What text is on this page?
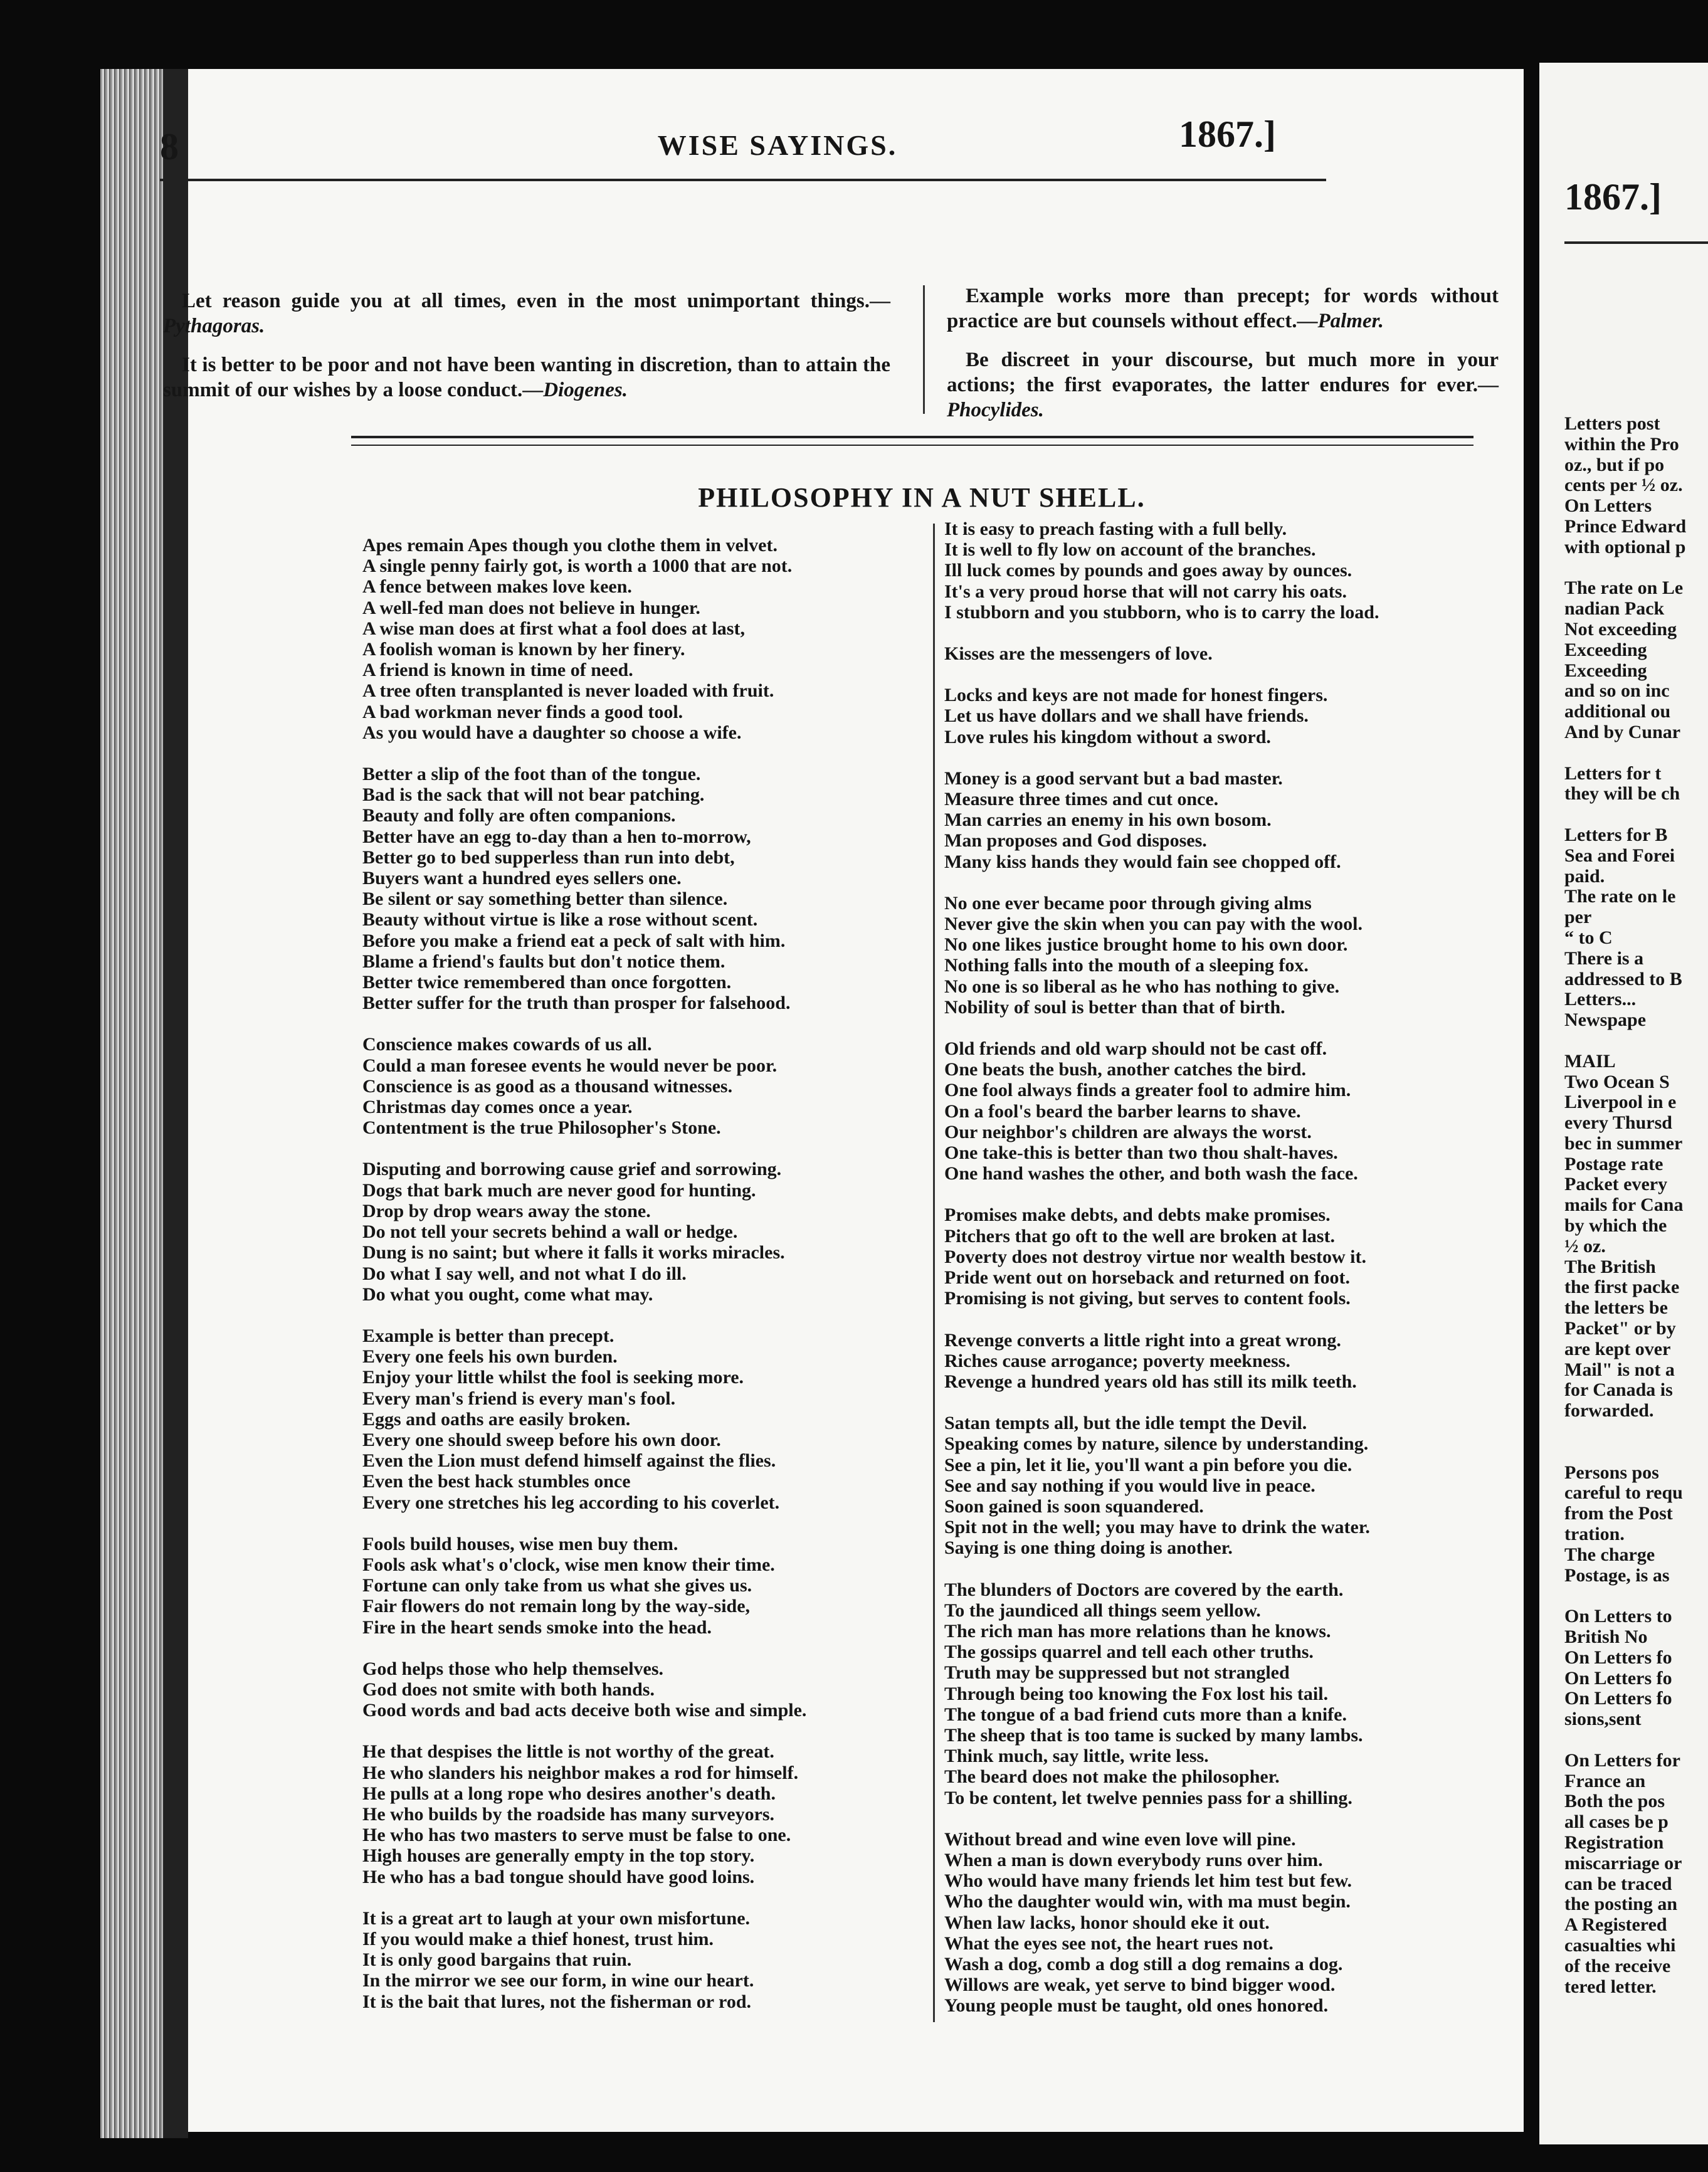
8	WISE SAYINGS.	1867.]

Let reason guide you at all times, even in the most unimportant things.—Pythagoras.

It is better to be poor and not have been wanting in discretion, than to attain the summit of our wishes by a loose conduct.—Diogenes.

Example works more than precept; for words without practice are but counsels without effect.—Palmer.

Be discreet in your discourse, but much more in your actions; the first evaporates, the latter endures for ever.—Phocylides.

PHILOSOPHY IN A NUT SHELL.
Apes remain Apes though you clothe them in velvet.
A single penny fairly got, is worth a 1000 that are not.
A fence between makes love keen.
A well-fed man does not believe in hunger.
A wise man does at first what a fool does at last,
A foolish woman is known by her finery.
A friend is known in time of need.
A tree often transplanted is never loaded with fruit.
A bad workman never finds a good tool.
As you would have a daughter so choose a wife.
Better a slip of the foot than of the tongue.
Bad is the sack that will not bear patching.
Beauty and folly are often companions.
Better have an egg to-day than a hen to-morrow,
Better go to bed supperless than run into debt,
Buyers want a hundred eyes sellers one.
Be silent or say something better than silence.
Beauty without virtue is like a rose without scent.
Before you make a friend eat a peck of salt with him.
Blame a friend's faults but don't notice them.
Better twice remembered than once forgotten.
Better suffer for the truth than prosper for falsehood.
Conscience makes cowards of us all.
Could a man foresee events he would never be poor.
Conscience is as good as a thousand witnesses.
Christmas day comes once a year.
Contentment is the true Philosopher's Stone.
Disputing and borrowing cause grief and sorrowing.
Dogs that bark much are never good for hunting.
Drop by drop wears away the stone.
Do not tell your secrets behind a wall or hedge.
Dung is no saint; but where it falls it works miracles.
Do what I say well, and not what I do ill.
Do what you ought, come what may.
Example is better than precept.
Every one feels his own burden.
Enjoy your little whilst the fool is seeking more.
Every man's friend is every man's fool.
Eggs and oaths are easily broken.
Every one should sweep before his own door.
Even the Lion must defend himself against the flies.
Even the best hack stumbles once
Every one stretches his leg according to his coverlet.
Fools build houses, wise men buy them.
Fools ask what's o'clock, wise men know their time.
Fortune can only take from us what she gives us.
Fair flowers do not remain long by the way-side,
Fire in the heart sends smoke into the head.
God helps those who help themselves.
God does not smite with both hands.
Good words and bad acts deceive both wise and simple.
He that despises the little is not worthy of the great.
He who slanders his neighbor makes a rod for himself.
He pulls at a long rope who desires another's death.
He who builds by the roadside has many surveyors.
He who has two masters to serve must be false to one.
High houses are generally empty in the top story.
He who has a bad tongue should have good loins.
It is a great art to laugh at your own misfortune.
If you would make a thief honest, trust him.
It is only good bargains that ruin.
In the mirror we see our form, in wine our heart.
It is the bait that lures, not the fisherman or rod.
It is easy to preach fasting with a full belly.
It is well to fly low on account of the branches.
Ill luck comes by pounds and goes away by ounces.
It's a very proud horse that will not carry his oats.
I stubborn and you stubborn, who is to carry the load.
Kisses are the messengers of love.
Locks and keys are not made for honest fingers.
Let us have dollars and we shall have friends.
Love rules his kingdom without a sword.
Money is a good servant but a bad master.
Measure three times and cut once.
Man carries an enemy in his own bosom.
Man proposes and God disposes.
Many kiss hands they would fain see chopped off.
No one ever became poor through giving alms
Never give the skin when you can pay with the wool.
No one likes justice brought home to his own door.
Nothing falls into the mouth of a sleeping fox.
No one is so liberal as he who has nothing to give.
Nobility of soul is better than that of birth.
Old friends and old warp should not be cast off.
One beats the bush, another catches the bird.
One fool always finds a greater fool to admire him.
On a fool's beard the barber learns to shave.
Our neighbor's children are always the worst.
One take-this is better than two thou shalt-haves.
One hand washes the other, and both wash the face.
Promises make debts, and debts make promises.
Pitchers that go oft to the well are broken at last.
Poverty does not destroy virtue nor wealth bestow it.
Pride went out on horseback and returned on foot.
Promising is not giving, but serves to content fools.
Revenge converts a little right into a great wrong.
Riches cause arrogance; poverty meekness.
Revenge a hundred years old has still its milk teeth.
Satan tempts all, but the idle tempt the Devil.
Speaking comes by nature, silence by understanding.
See a pin, let it lie, you'll want a pin before you die.
See and say nothing if you would live in peace.
Soon gained is soon squandered.
Spit not in the well; you may have to drink the water.
Saying is one thing doing is another.
The blunders of Doctors are covered by the earth.
To the jaundiced all things seem yellow.
The rich man has more relations than he knows.
The gossips quarrel and tell each other truths.
Truth may be suppressed but not strangled
Through being too knowing the Fox lost his tail.
The tongue of a bad friend cuts more than a knife.
The sheep that is too tame is sucked by many lambs.
Think much, say little, write less.
The beard does not make the philosopher.
To be content, let twelve pennies pass for a shilling.
Without bread and wine even love will pine.
When a man is down everybody runs over him.
Who would have many friends let him test but few.
Who the daughter would win, with ma must begin.
When law lacks, honor should eke it out.
What the eyes see not, the heart rues not.
Wash a dog, comb a dog still a dog remains a dog.
Willows are weak, yet serve to bind bigger wood.
Young people must be taught, old ones honored.
1867.]
Letters post
within the Pro
oz., but if po
cents per ½ oz.
On Letters
Prince Edward
with optional p

The rate on Le
nadian Pack
Not exceeding
Exceeding
Exceeding
and so on inc
additional ou
And by Cunar

Letters for t
they will be ch

Letters for B
Sea and Forei
paid.
The rate on le
per
“ to C
There is a
addressed to B
Letters...
Newspape

MAIL
Two Ocean S
Liverpool in e
every Thursd
bec in summer
Postage rate
Packet every
mails for Cana
by which the
½ oz.
The British
the first packe
the letters be
Packet" or by
are kept over
Mail" is not a
for Canada is
forwarded.

Persons pos
careful to requ
from the Post
tration.
The charge
Postage, is as

On Letters to
British No
On Letters fo
On Letters fo
On Letters fo
sions,sent

On Letters for
France an
Both the pos
all cases be p
Registration
miscarriage or
can be traced
the posting an
A Registered
casualties whi
of the receive
tered letter.
